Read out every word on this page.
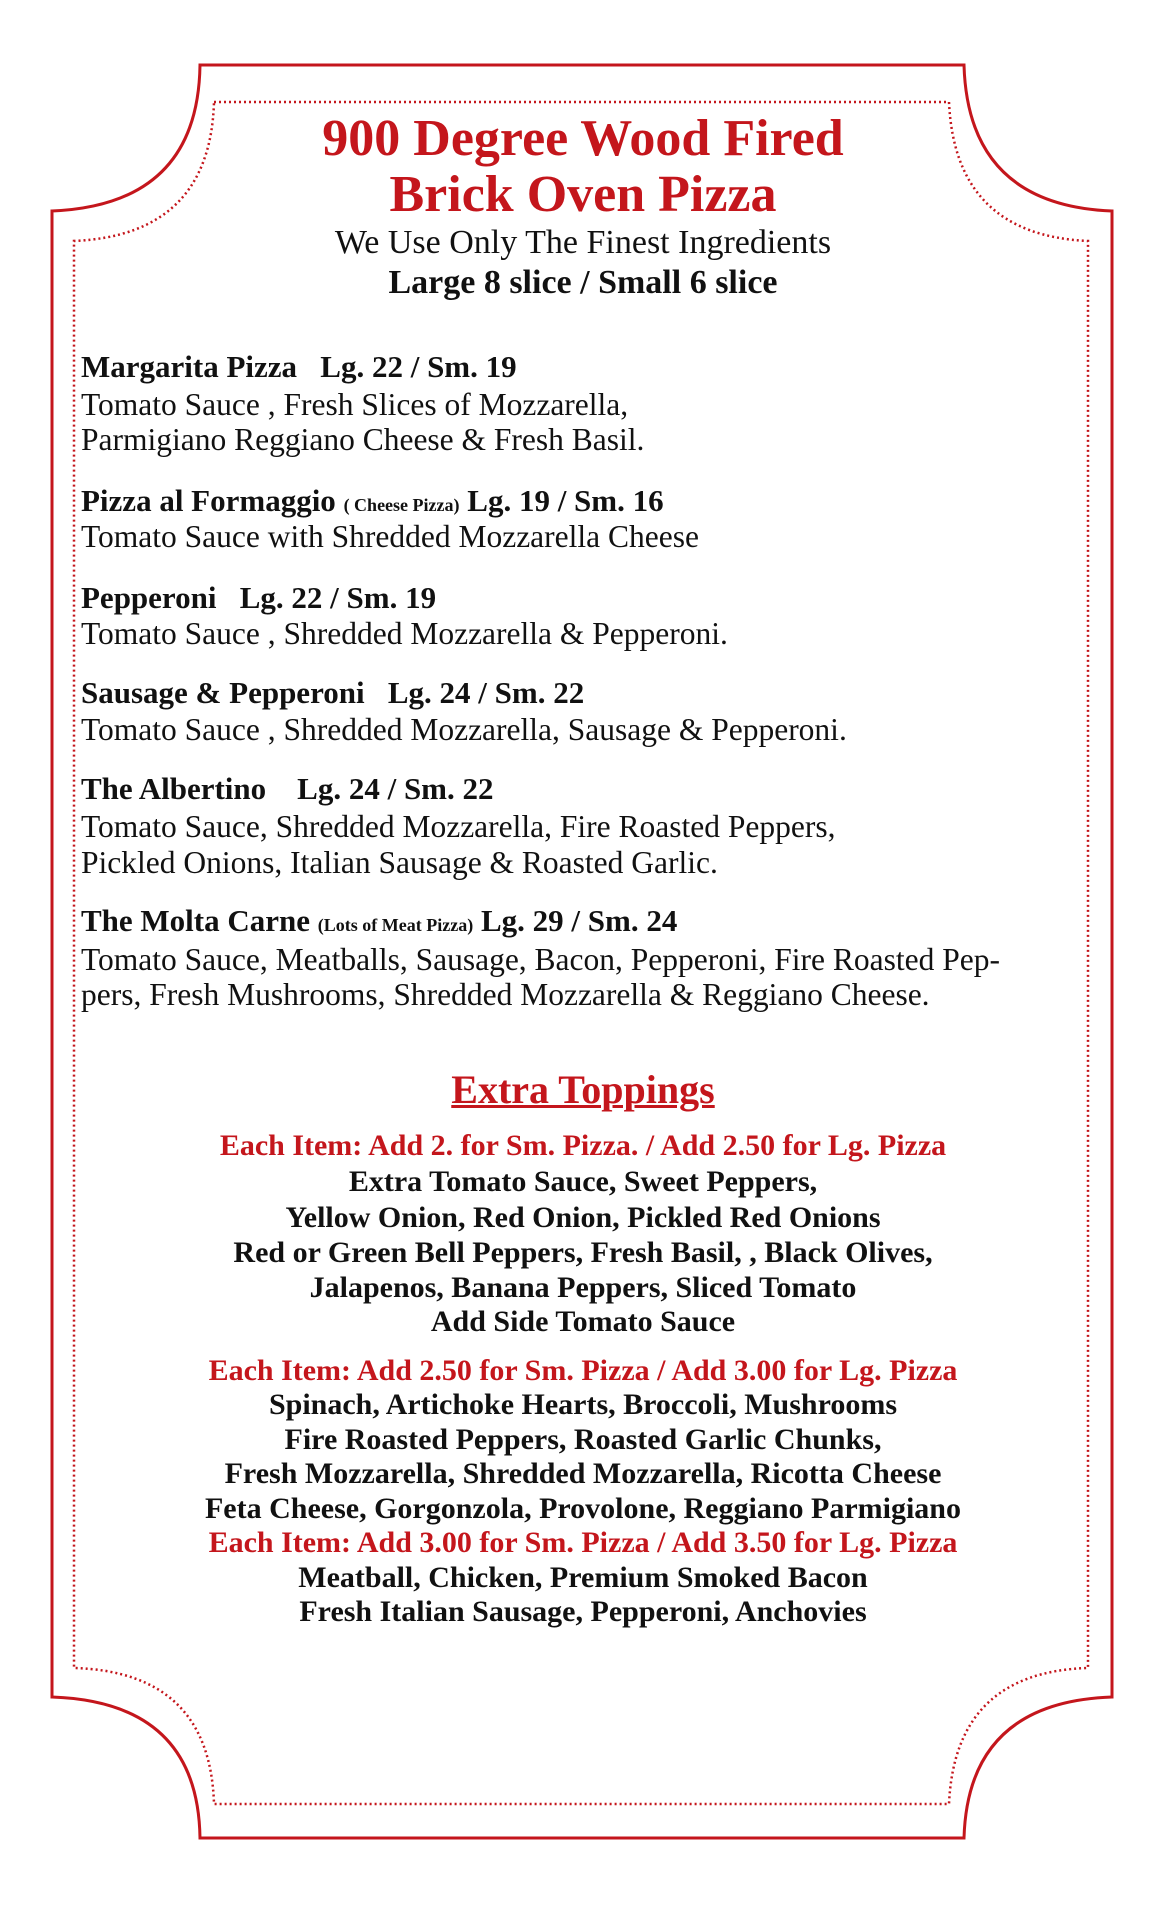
900 Degree Wood Fired
Brick Oven Pizza
We Use Only The Finest Ingredients
Large 8 slice / Small 6 slice
Margarita Pizza Lg. 22 / Sm. 19
Tomato Sauce , Fresh Slices of Mozzarella,
Parmigiano Reggiano Cheese & Fresh Basil.
Pizza al Formaggio ( Cheese Pizza) Lg. 19 / Sm. 16
Tomato Sauce with Shredded Mozzarella Cheese
Pepperoni Lg. 22 / Sm. 19
Tomato Sauce , Shredded Mozzarella & Pepperoni.
Sausage & Pepperoni Lg. 24 / Sm. 22
Tomato Sauce , Shredded Mozzarella, Sausage & Pepperoni.
The Albertino Lg. 24 / Sm. 22
Tomato Sauce, Shredded Mozzarella, Fire Roasted Peppers,
Pickled Onions, Italian Sausage & Roasted Garlic.
The Molta Carne (Lots of Meat Pizza) Lg. 29 / Sm. 24
Tomato Sauce, Meatballs, Sausage, Bacon, Pepperoni, Fire Roasted Pep-
pers, Fresh Mushrooms, Shredded Mozzarella & Reggiano Cheese.
Extra Toppings
Each Item: Add 2. for Sm. Pizza. / Add 2.50 for Lg. Pizza
Extra Tomato Sauce, Sweet Peppers,
Yellow Onion, Red Onion, Pickled Red Onions
Red or Green Bell Peppers, Fresh Basil, , Black Olives,
Jalapenos, Banana Peppers, Sliced Tomato
Add Side Tomato Sauce
Each Item: Add 2.50 for Sm. Pizza / Add 3.00 for Lg. Pizza
Spinach, Artichoke Hearts, Broccoli, Mushrooms
Fire Roasted Peppers, Roasted Garlic Chunks,
Fresh Mozzarella, Shredded Mozzarella, Ricotta Cheese
Feta Cheese, Gorgonzola, Provolone, Reggiano Parmigiano
Each Item: Add 3.00 for Sm. Pizza / Add 3.50 for Lg. Pizza
Meatball, Chicken, Premium Smoked Bacon
Fresh Italian Sausage, Pepperoni, Anchovies
